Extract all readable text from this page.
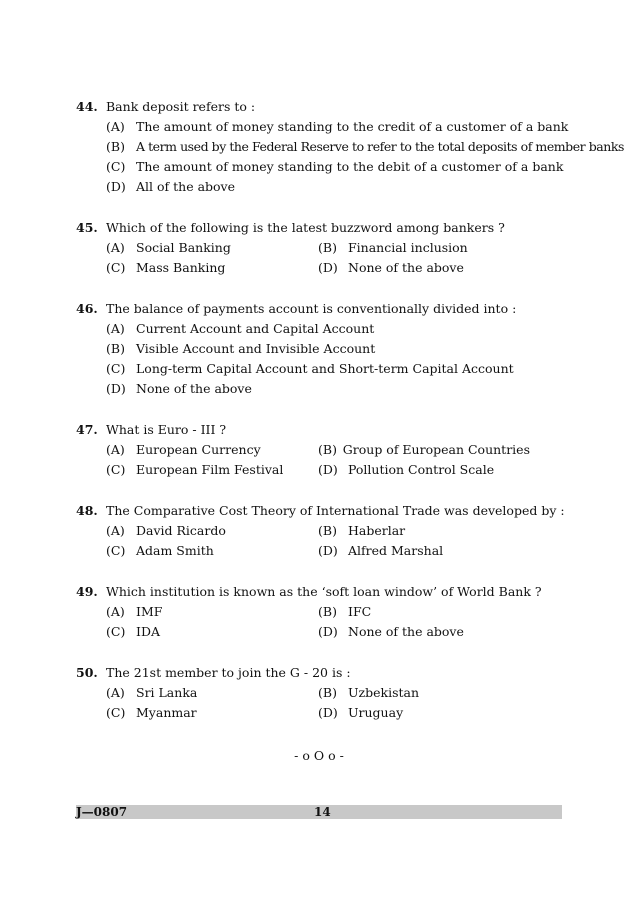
44. Bank deposit refers to :
(A) The amount of money standing to the credit of a customer of a bank
(B) A term used by the Federal Reserve to refer to the total deposits of member banks
(C) The amount of money standing to the debit of a customer of a bank
(D) All of the above
45. Which of the following is the latest buzzword among bankers ?
(A) Social Banking	(B) Financial inclusion
(C) Mass Banking	(D) None of the above
46. The balance of payments account is conventionally divided into :
(A) Current Account and Capital Account
(B) Visible Account and Invisible Account
(C) Long-term Capital Account and Short-term Capital Account
(D) None of the above
47. What is Euro - III ?
(A) European Currency	(B) Group of European Countries
(C) European Film Festival	(D) Pollution Control Scale
48. The Comparative Cost Theory of International Trade was developed by :
(A) David Ricardo	(B) Haberlar
(C) Adam Smith	(D) Alfred Marshal
49. Which institution is known as the ‘soft loan window’ of World Bank ?
(A) IMF	(B) IFC
(C) IDA	(D) None of the above
50. The 21st member to join the G - 20 is :
(A) Sri Lanka	(B) Uzbekistan
(C) Myanmar	(D) Uruguay
- o O o -
J—0807	14
